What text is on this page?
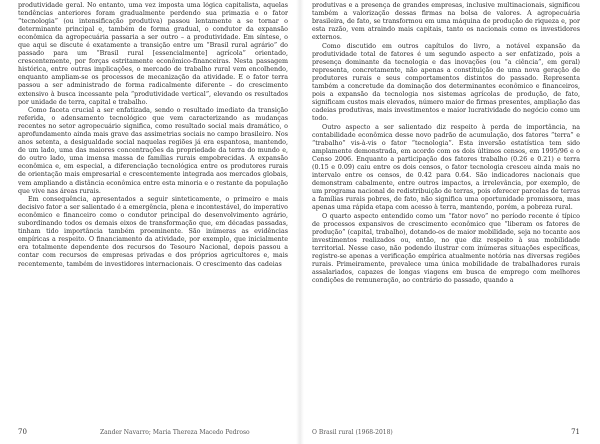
produtividade geral. No entanto, uma vez imposta uma lógica capitalista, aquelas tendências anteriores foram gradualmente perdendo sua primazia e o fator “tecnologia” (ou intensificação produtiva) passou lentamente a se tornar o determinante principal e, também de forma gradual, o condutor da expansão econômica da agropecuária passaria a ser outro – a produtividade. Em síntese, o que aqui se discute é exatamente a transição entre um “Brasil rural agrário” do passado para um “Brasil rural [essencialmente] agrícola” orientado, crescentemente, por forças estritamente econômico-financeiras. Nesta passagem histórica, entre outras implicações, o mercado de trabalho rural vem encolhendo, enquanto ampliam-se os processos de mecanização da atividade. E o fator terra passou a ser administrado de forma radicalmente diferente – do crescimento extensivo à busca incessante pela “produtividade vertical”, elevando os resultados por unidade de terra, capital e trabalho.

Como faceta crucial a ser enfatizada, sendo o resultado imediato da transição referida, o adensamento tecnológico que vem caracterizando as mudanças recentes no setor agropecuário significa, como resultado social mais dramático, o aprofundamento ainda mais grave das assimetrias sociais no campo brasileiro. Nos anos setenta, a desigualdade social naquelas regiões já era espantosa, mantendo, de um lado, uma das maiores concentrações da propriedade da terra do mundo e, do outro lado, uma imensa massa de famílias rurais empobrecidas. A expansão econômica e, em especial, a diferenciação tecnológica entre os produtores rurais de orientação mais empresarial e crescentemente integrada aos mercados globais, vem ampliando a distância econômica entre esta minoria e o restante da população que vive nas áreas rurais.

Em consequência, apresentados a seguir sinteticamente, o primeiro e mais decisivo fator a ser salientado é a emergência, plena e incontestável, do imperativo econômico e financeiro como o condutor principal do desenvolvimento agrário, subordinando todos os demais eixos de transformação que, em décadas passadas, tinham tido importância também proeminente. São inúmeras as evidências empíricas a respeito. O financiamento da atividade, por exemplo, que inicialmente era totalmente dependente dos recursos do Tesouro Nacional, depois passou a contar com recursos de empresas privadas e dos próprios agricultores e, mais recentemente, também de investidores internacionais. O crescimento das cadeias

70	Zander Navarro; Maria Thereza Macedo Pedroso

produtivas e a presença de grandes empresas, inclusive multinacionais, significou também a valorização dessas firmas na bolsa de valores. A agropecuária brasileira, de fato, se transformou em uma máquina de produção de riqueza e, por esta razão, vem atraindo mais capitais, tanto os nacionais como os investidores externos.

Como discutido em outros capítulos do livro, a notável expansão da produtividade total de fatores é um segundo aspecto a ser enfatizado, pois a presença dominante da tecnologia e das inovações (ou “a ciência”, em geral) representa, concretamente, não apenas a constituição de uma nova geração de produtores rurais e seus comportamentos distintos do passado. Representa também a concretude da dominação dos determinantes econômico e financeiros, pois a expansão da tecnologia nos sistemas agrícolas de produção, de fato, significam custos mais elevados, número maior de firmas presentes, ampliação das cadeias produtivas, mais investimentos e maior lucratividade do negócio como um todo.

Outro aspecto a ser salientado diz respeito à perda de importância, na contabilidade econômica desse novo padrão de acumulação, dos fatores “terra” e “trabalho” vis-à-vis o fator “tecnologia”. Esta inversão estatística tem sido amplamente demonstrada, em acordo com os dois últimos censos, em 1995/96 e o Censo 2006. Enquanto a participação dos fatores trabalho (0.26 e 0.21) e terra (0.15 e 0.09) caiu entre os dois censos, o fator tecnologia cresceu ainda mais no intervalo entre os censos, de 0.42 para 0.64. São indicadores nacionais que demonstram cabalmente, entre outros impactos, a irrelevância, por exemplo, de um programa nacional de redistribuição de terras, pois oferecer parcelas de terras a famílias rurais pobres, de fato, não significa uma oportunidade promissora, mas apenas uma rápida etapa com acesso à terra, mantendo, porém, a pobreza rural.

O quarto aspecto entendido como um “fator novo” no período recente é típico de processos expansivos de crescimento econômico que “liberam os fatores de produção” (capital, trabalho), dotando-os de maior mobilidade, seja no tocante aos investimentos realizados ou, então, no que diz respeito à sua mobilidade territorial. Nesse caso, não podendo ilustrar com inúmeras situações específicas, registre-se apenas a verificação empírica atualmente notória nas diversas regiões rurais. Primeiramente, prevalece uma única mobilidade de trabalhadores rurais assalariados, capazes de longas viagens em busca de emprego com melhores condições de remuneração, ao contrário do passado, quando a

O Brasil rural (1968-2018)	71
